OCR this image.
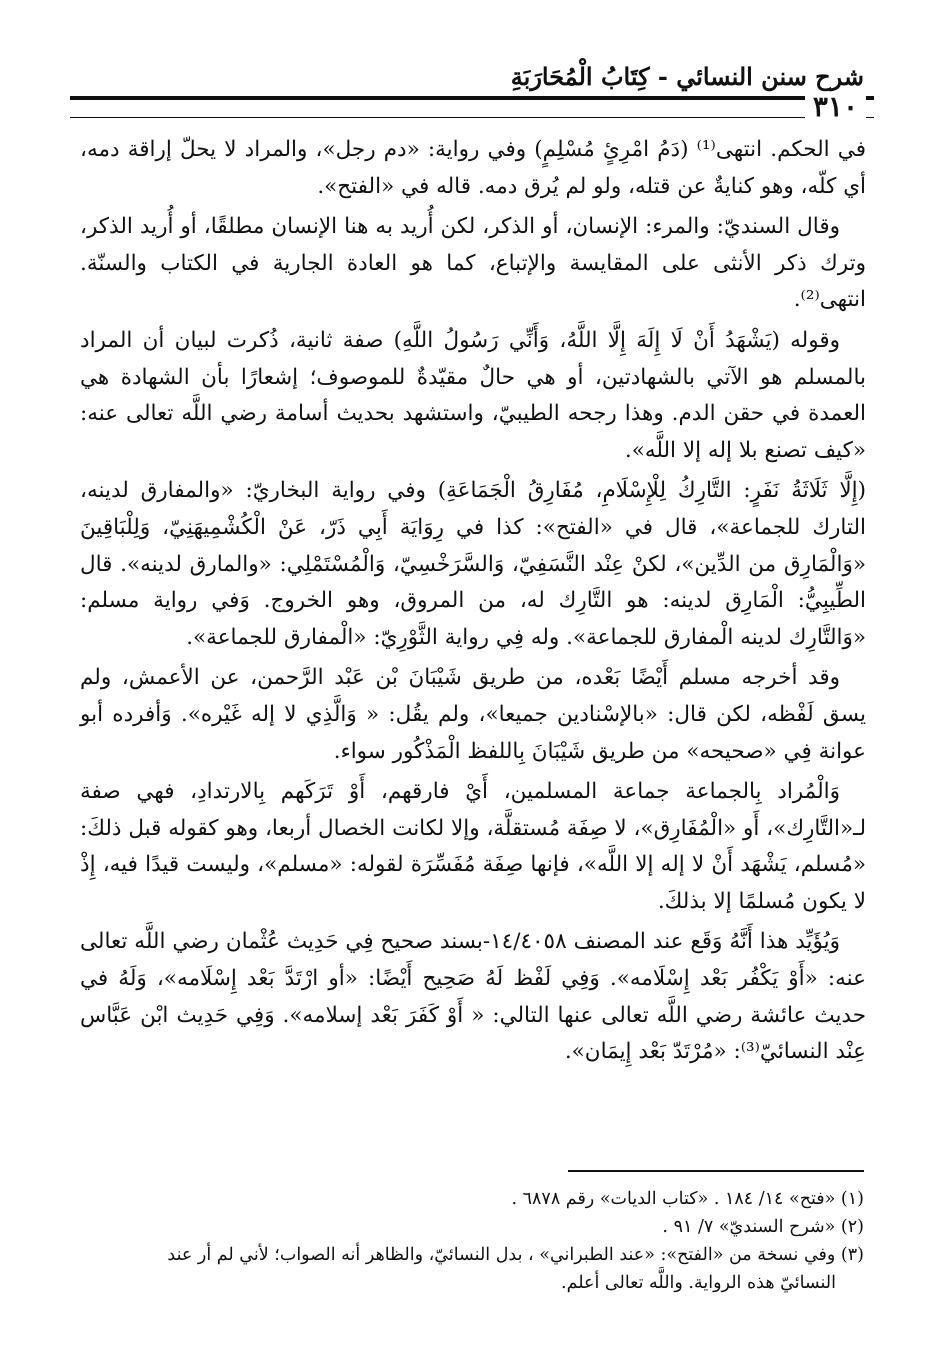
شرح سنن النسائي - كِتَابُ الْمُحَارَبَةِ
٣١٠

في الحكم. انتهى⁽¹⁾ (دَمُ امْرِئٍ مُسْلِمٍ) وفي رواية: «دم رجل»، والمراد لا يحلّ إراقة دمه، أي كلّه، وهو كنايةٌ عن قتله، ولو لم يُرق دمه. قاله في «الفتح».

وقال السنديّ: والمرء: الإنسان، أو الذكر، لكن أُريد به هنا الإنسان مطلقًا، أو أُريد الذكر، وترك ذكر الأنثى على المقايسة والإتباع، كما هو العادة الجارية في الكتاب والسنّة. انتهى⁽²⁾.

وقوله (يَشْهَدُ أَنْ لَا إِلَهَ إِلَّا اللَّهُ، وَأَنِّي رَسُولُ اللَّهِ) صفة ثانية، ذُكرت لبيان أن المراد بالمسلم هو الآتي بالشهادتين، أو هي حالٌ مقيّدةٌ للموصوف؛ إشعارًا بأن الشهادة هي العمدة في حقن الدم. وهذا رجحه الطيبيّ، واستشهد بحديث أسامة رضي اللَّه تعالى عنه: «كيف تصنع بلا إله إلا اللَّه».

(إِلَّا ثَلَاثَةُ نَفَرٍ: التَّارِكُ لِلْإِسْلَامِ، مُفَارِقُ الْجَمَاعَةِ) وفي رواية البخاريّ: «والمفارق لدينه، التارك للجماعة»، قال في «الفتح»: كذا في رِوَايَة أَبِي ذَرّ، عَنْ الْكُشْمِيهَنِيّ، وَلِلْبَاقِينَ «وَالْمَارِق من الدِّين»، لكنْ عِنْد النَّسَفِيّ، وَالسَّرَخْسِيّ، وَالْمُسْتَمْلِي: «والمارق لدينه». قال الطِّيبِيُّ: الْمَارِق لدينه: هو التَّارِك له، من المروق، وهو الخروج. وَفي رواية مسلم: «وَالتَّارِك لدينه الْمفارق للجماعة». وله فِي رواية الثَّوْرِيّ: «الْمفارق للجماعة».

وقد أخرجه مسلم أَيْضًا بَعْده، من طريق شَيْبَانَ بْن عَبْد الرَّحمن، عن الأعمش، ولم يسق لَفْظه، لكن قال: «بالإسْنادين جميعا»، ولم يقُل: « وَالَّذِي لا إله غَيْره». وَأفرده أبو عوانة فِي «صحيحه» من طريق شَيْبَانَ بِاللفظ الْمَذْكُور سواء.

وَالْمُراد بِالجماعة جماعة المسلمين، أَيْ فارقهم، أَوْ تَرَكَهم بِالارتدادِ، فهي صفة لـ«التَّارِك»، أَو «الْمُفَارِق»، لا صِفَة مُستقلَّة، وإلا لكانت الخصال أربعا، وهو كقوله قبل ذلكَ: «مُسلم، يَشْهَد أَنْ لا إله إلا اللَّه»، فإنها صِفَة مُفَسِّرَة لقوله: «مسلم»، وليست قيدًا فيه، إِذْ لا يكون مُسلمًا إلا بذلكَ.

وَيُؤَيِّد هذا أَنَّهُ وَقَع عند المصنف ١٤/٤٠٥٨-بسند صحيح فِي حَدِيث عُثْمان رضي اللَّه تعالى عنه: «أَوْ يَكْفُر بَعْد إِسْلَامه». وَفِي لَفْظ لَهُ صَحِيح أَيْضًا: «أو ارْتَدَّ بَعْد إِسْلَامه»، وَلَهُ في حديث عائشة رضي اللَّه تعالى عنها التالي: « أَوْ كَفَرَ بَعْد إسلامه». وَفِي حَدِيث ابْن عَبَّاس عِنْد النسائيّ⁽³⁾: «مُرْتَدّ بَعْد إِيمَان».

(١) «فتح» ١٤/ ١٨٤ . «كتاب الديات» رقم ٦٨٧٨ .
(٢) «شرح السنديّ» ٧/ ٩١ .
(٣) وفي نسخة من «الفتح»: «عند الطبراني» ، بدل النسائيّ، والظاهر أنه الصواب؛ لأني لم أر عند
النسائيّ هذه الرواية. واللَّه تعالى أعلم.
